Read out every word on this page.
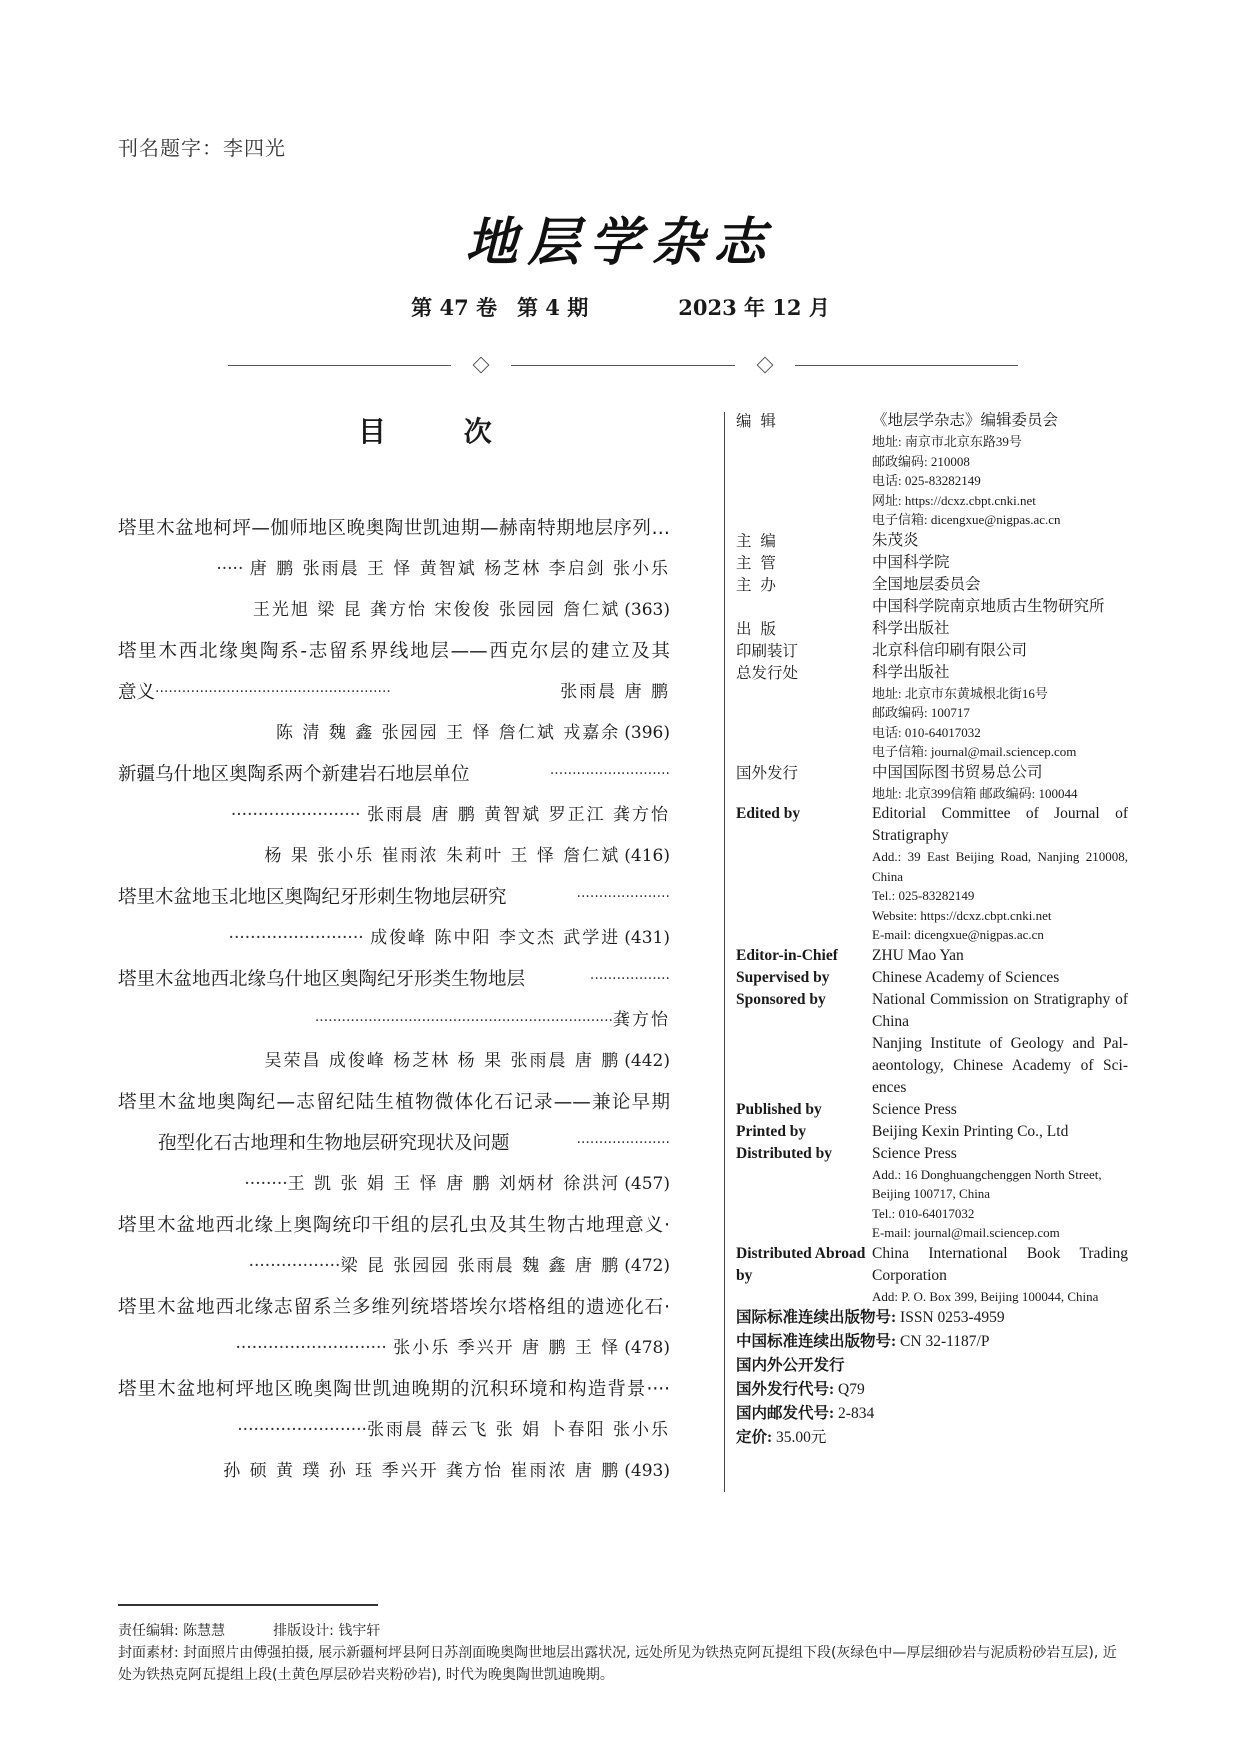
刊名题字：李四光
地层学杂志
第 47 卷 第 4 期	2023 年 12 月
目 次
塔里木盆地柯坪—伽师地区晚奥陶世凯迪期—赫南特期地层序列…
····· 唐 鹏 张雨晨 王 怿 黄智斌 杨芝林 李启剑 张小乐
王光旭 梁 昆 龚方怡 宋俊俊 张园园 詹仁斌 (363)
塔里木西北缘奥陶系-志留系界线地层——西克尔层的建立及其
意义 ·····················································	张雨晨 唐 鹏
陈 清 魏 鑫 张园园 王 怿 詹仁斌 戎嘉余 (396)
新疆乌什地区奥陶系两个新建岩石地层单位	···························
························ 张雨晨 唐 鹏 黄智斌 罗正江 龚方怡
杨 果 张小乐 崔雨浓 朱莉叶 王 怿 詹仁斌 (416)
塔里木盆地玉北地区奥陶纪牙形刺生物地层研究	·····················
························· 成俊峰 陈中阳 李文杰 武学进 (431)
塔里木盆地西北缘乌什地区奥陶纪牙形类生物地层	··················
···································································龚方怡
吴荣昌 成俊峰 杨芝林 杨 果 张雨晨 唐 鹏 (442)
塔里木盆地奥陶纪—志留纪陆生植物微体化石记录——兼论早期
孢型化石古地理和生物地层研究现状及问题	·····················
········王 凯 张 娟 王 怿 唐 鹏 刘炳材 徐洪河 (457)
塔里木盆地西北缘上奥陶统印干组的层孔虫及其生物古地理意义·
·················梁 昆 张园园 张雨晨 魏 鑫 唐 鹏 (472)
塔里木盆地西北缘志留系兰多维列统塔塔埃尔塔格组的遗迹化石·
···························· 张小乐 季兴开 唐 鹏 王 怿 (478)
塔里木盆地柯坪地区晚奥陶世凯迪晚期的沉积环境和构造背景····
························张雨晨 薛云飞 张 娟 卜春阳 张小乐
孙 硕 黄 璞 孙 珏 季兴开 龚方怡 崔雨浓 唐 鹏 (493)
编 辑	《地层学杂志》编辑委员会
地址: 南京市北京东路39号
邮政编码: 210008
电话: 025-83282149
网址: https://dcxz.cbpt.cnki.net
电子信箱: dicengxue@nigpas.ac.cn
主 编	朱茂炎
主 管	中国科学院
主 办	全国地层委员会
中国科学院南京地质古生物研究所
出 版	科学出版社
印刷装订	北京科信印刷有限公司
总发行处	科学出版社
地址: 北京市东黄城根北街16号
邮政编码: 100717
电话: 010-64017032
电子信箱: journal@mail.sciencep.com
国外发行	中国国际图书贸易总公司
地址: 北京399信箱 邮政编码: 100044
Edited by	Editorial Committee of Journal of Stratigraphy
Add.: 39 East Beijing Road, Nanjing 210008, China
Tel.: 025-83282149
Website: https://dcxz.cbpt.cnki.net
E-mail: dicengxue@nigpas.ac.cn
Editor-in-Chief	ZHU Mao Yan
Supervised by	Chinese Academy of Sciences
Sponsored by	National Commission on Stratigraphy of China
Nanjing Institute of Geology and Pal-aeontology, Chinese Academy of Sci-ences
Published by	Science Press
Printed by	Beijing Kexin Printing Co., Ltd
Distributed by	Science Press
Add.: 16 Donghuangchenggen North Street, Beijing 100717, China
Tel.: 010-64017032
E-mail: journal@mail.sciencep.com
Distributed Abroad by
China International Book Trading Corporation
Add: P. O. Box 399, Beijing 100044, China
国际标准连续出版物号: ISSN 0253-4959
中国标准连续出版物号: CN 32-1187/P
国内外公开发行
国外发行代号: Q79
国内邮发代号: 2-834
定价: 35.00元
责任编辑: 陈慧慧	排版设计: 钱宇轩
封面素材: 封面照片由傅强拍摄, 展示新疆柯坪县阿日苏剖面晚奥陶世地层出露状况, 远处所见为铁热克阿瓦提组下段(灰绿色中—厚层细砂岩与泥质粉砂岩互层), 近处为铁热克阿瓦提组上段(土黄色厚层砂岩夹粉砂岩), 时代为晚奥陶世凯迪晚期。
